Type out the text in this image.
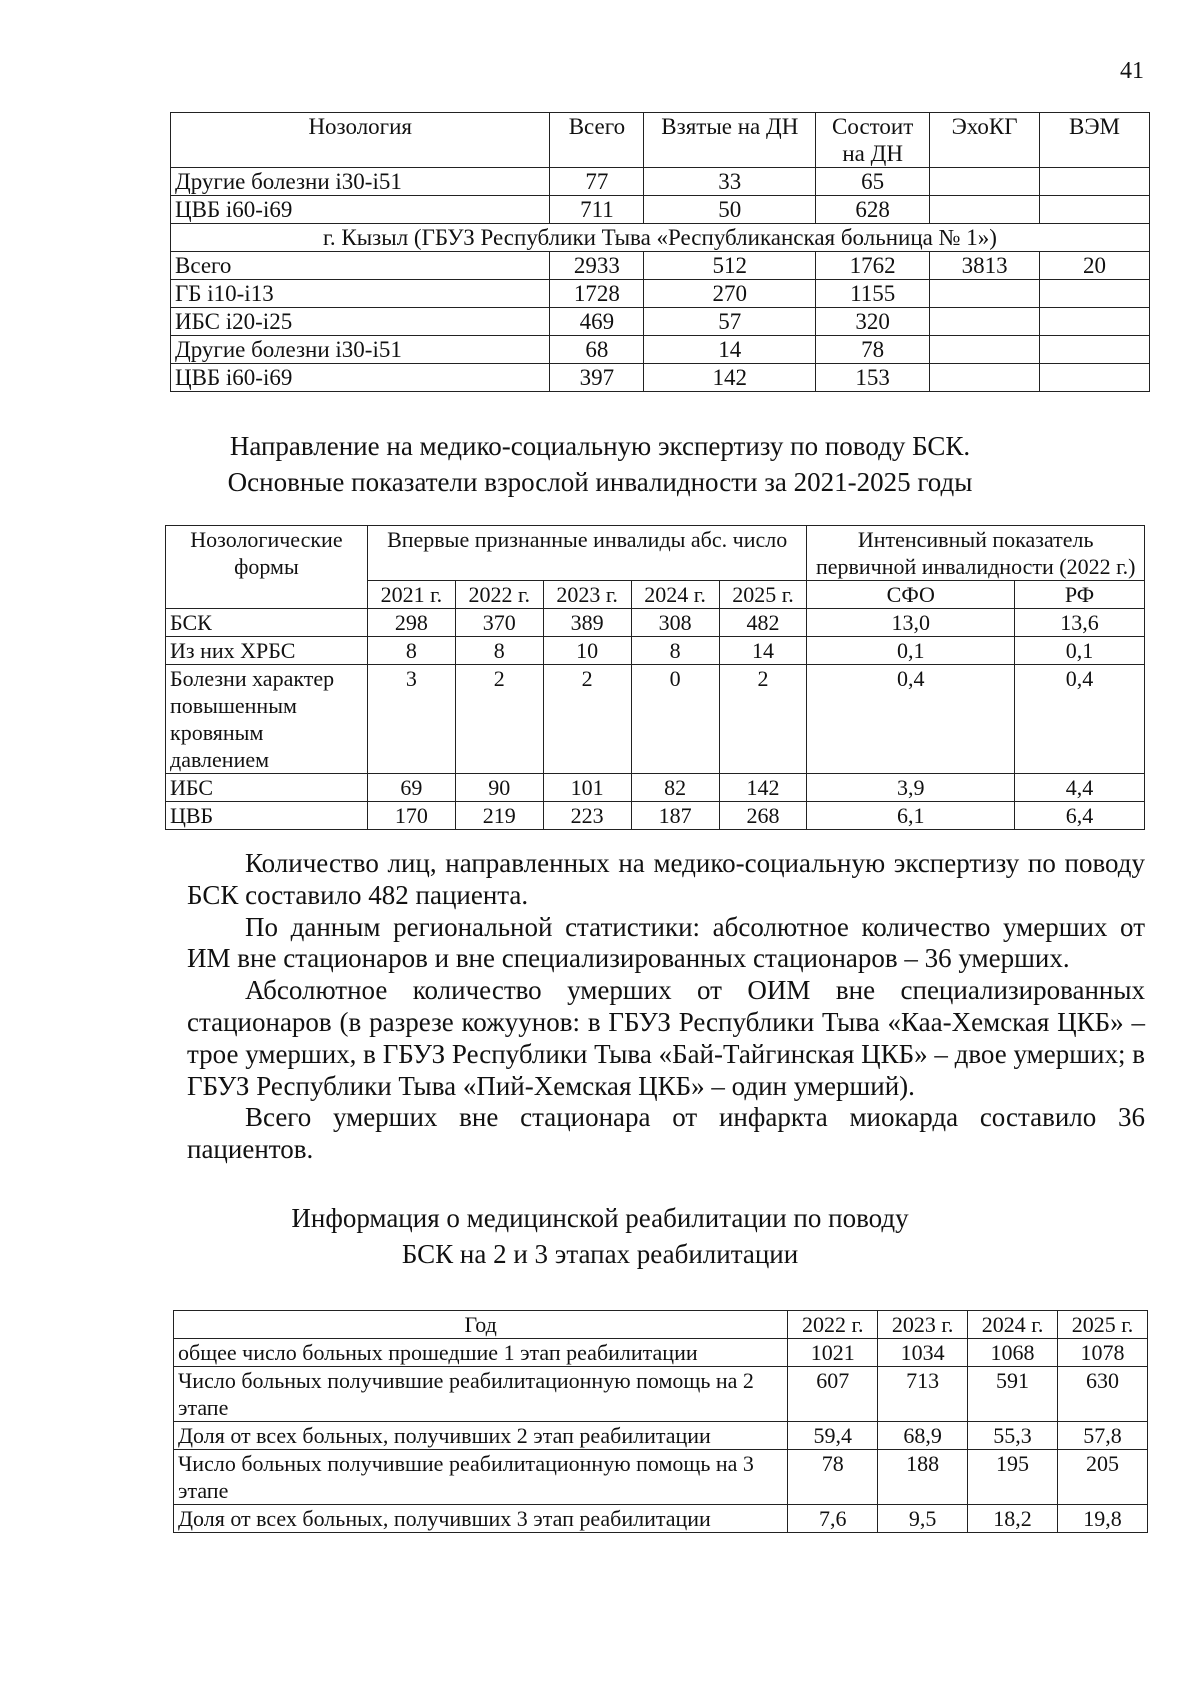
41
Нозология	Всего	Взятые на ДН	Состоит на ДН	ЭхоКГ	ВЭМ
Другие болезни i30-i51	77	33	65		
ЦВБ i60-i69	711	50	628		
г. Кызыл (ГБУЗ Республики Тыва «Республиканская больница № 1»)					
Всего	2933	512	1762	3813	20
ГБ i10-i13	1728	270	1155		
ИБС i20-i25	469	57	320		
Другие болезни i30-i51	68	14	78		
ЦВБ i60-i69	397	142	153		
Направление на медико-социальную экспертизу по поводу БСК.
Основные показатели взрослой инвалидности за 2021-2025 годы
Нозологические формы	Впервые признанные инвалиды абс. число					Интенсивный показатель первичной инвалидности (2022 г.)	
	2021 г.	2022 г.	2023 г.	2024 г.	2025 г.	СФО	РФ
БСК	298	370	389	308	482	13,0	13,6
Из них ХРБС	8	8	10	8	14	0,1	0,1
Болезни характер повышенным кровяным давлением	3	2	2	0	2	0,4	0,4
ИБС	69	90	101	82	142	3,9	4,4
ЦВБ	170	219	223	187	268	6,1	6,4

Количество лиц, направленных на медико-социальную экспертизу по поводу БСК составило 482 пациента.

По данным региональной статистики: абсолютное количество умерших от ИМ вне стационаров и вне специализированных стационаров – 36 умерших.

Абсолютное количество умерших от ОИМ вне специализированных стационаров (в разрезе кожуунов: в ГБУЗ Республики Тыва «Каа-Хемская ЦКБ» – трое умерших, в ГБУЗ Республики Тыва «Бай-Тайгинская ЦКБ» – двое умерших; в ГБУЗ Республики Тыва «Пий-Хемская ЦКБ» – один умерший).

Всего умерших вне стационара от инфаркта миокарда составило 36 пациентов.

Информация о медицинской реабилитации по поводу
БСК на 2 и 3 этапах реабилитации
Год	2022 г.	2023 г.	2024 г.	2025 г.
общее число больных прошедшие 1 этап реабилитации	1021	1034	1068	1078
Число больных получившие реабилитационную помощь на 2 этапе	607	713	591	630
Доля от всех больных, получивших 2 этап реабилитации	59,4	68,9	55,3	57,8
Число больных получившие реабилитационную помощь на 3 этапе	78	188	195	205
Доля от всех больных, получивших 3 этап реабилитации	7,6	9,5	18,2	19,8
